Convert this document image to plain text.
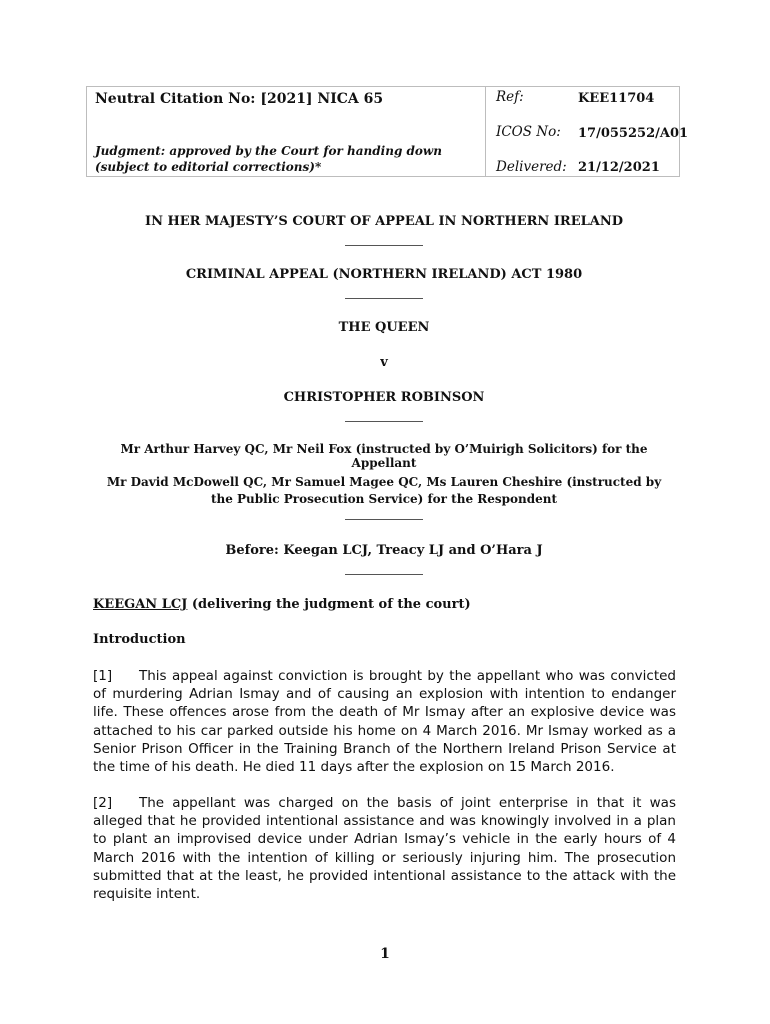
Neutral Citation No: [2021] NICA 65
Judgment: approved by the Court for handing down (subject to editorial corrections)*
Ref:	KEE11704
ICOS No: 17/055252/A01
Delivered: 21/12/2021
IN HER MAJESTY’S COURT OF APPEAL IN NORTHERN IRELAND
CRIMINAL APPEAL (NORTHERN IRELAND) ACT 1980
THE QUEEN
v
CHRISTOPHER ROBINSON
Mr Arthur Harvey QC, Mr Neil Fox (instructed by O’Muirigh Solicitors) for the Appellant
Mr David McDowell QC, Mr Samuel Magee QC, Ms Lauren Cheshire (instructed by the Public Prosecution Service) for the Respondent
Before: Keegan LCJ, Treacy LJ and O’Hara J
KEEGAN LCJ (delivering the judgment of the court)
Introduction
[1] This appeal against conviction is brought by the appellant who was convicted of murdering Adrian Ismay and of causing an explosion with intention to endanger life. These offences arose from the death of Mr Ismay after an explosive device was attached to his car parked outside his home on 4 March 2016. Mr Ismay worked as a Senior Prison Officer in the Training Branch of the Northern Ireland Prison Service at the time of his death. He died 11 days after the explosion on 15 March 2016.
[2] The appellant was charged on the basis of joint enterprise in that it was alleged that he provided intentional assistance and was knowingly involved in a plan to plant an improvised device under Adrian Ismay’s vehicle in the early hours of 4 March 2016 with the intention of killing or seriously injuring him. The prosecution submitted that at the least, he provided intentional assistance to the attack with the requisite intent.
1
